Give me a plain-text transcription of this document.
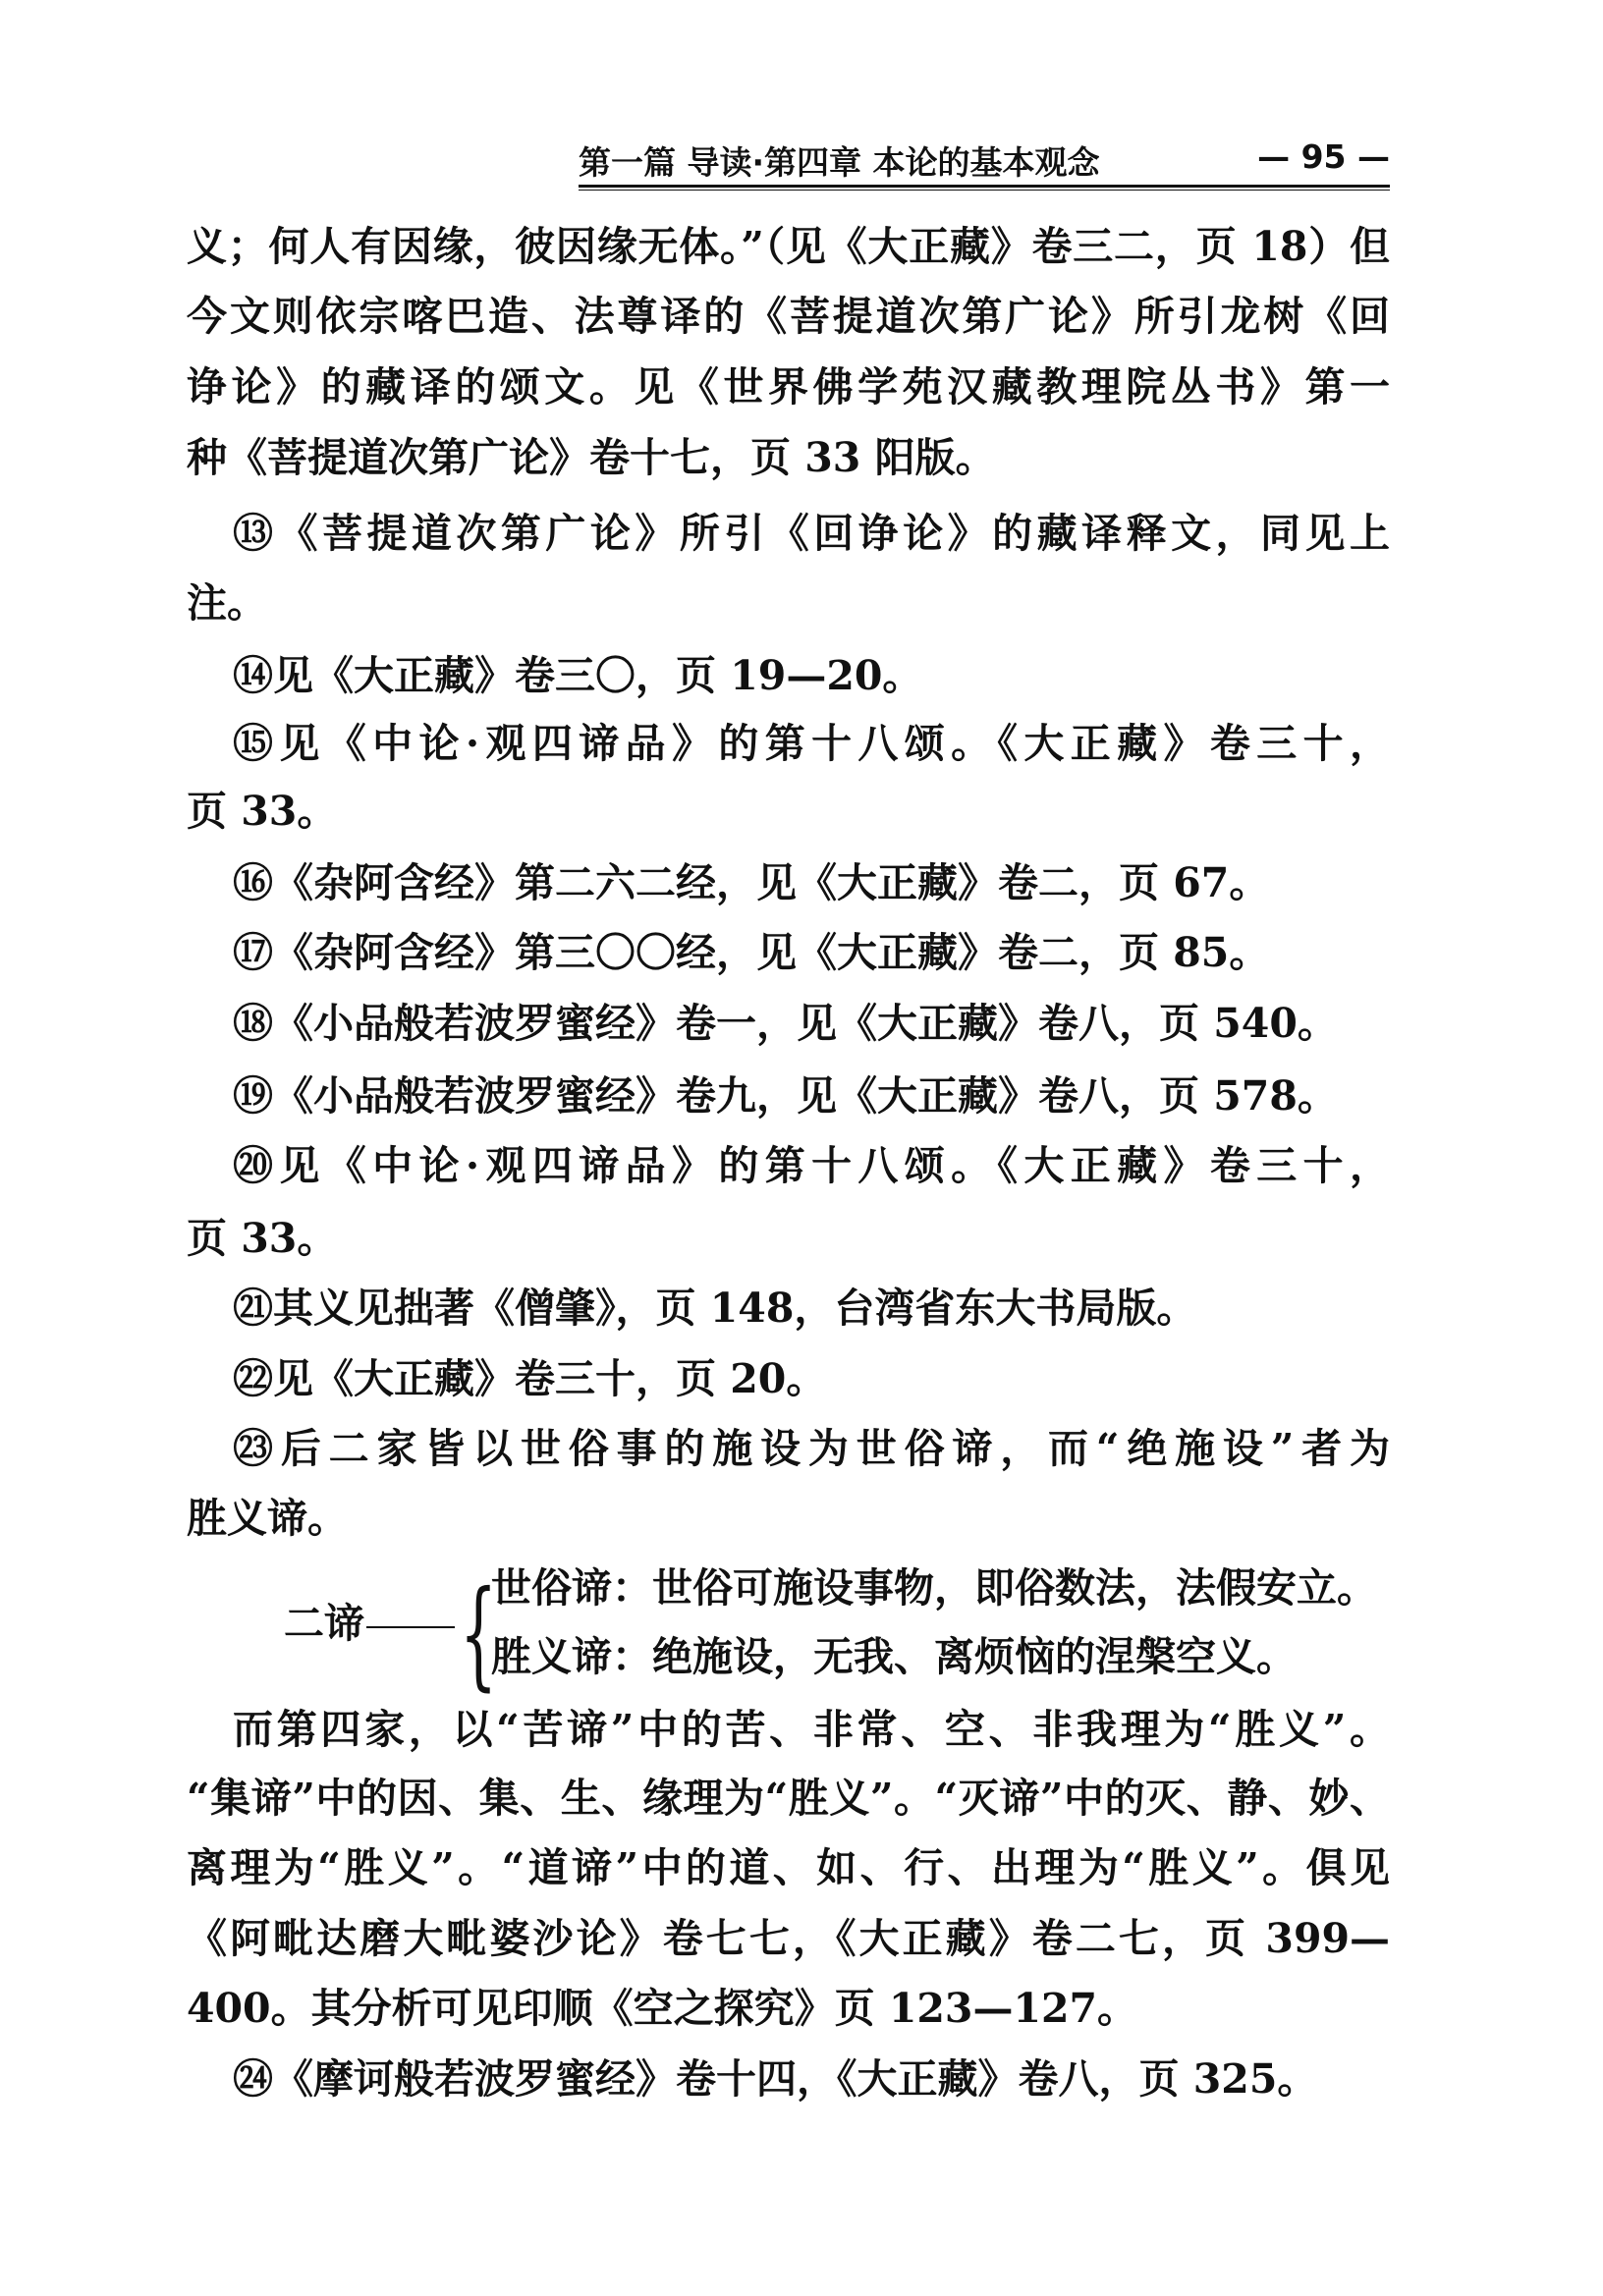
第一篇 导读·第四章 本论的基本观念	— 95 —
义；何人有因缘，彼因缘无体。”（见《大正藏》卷三二，页 18）但
今文则依宗喀巴造、法尊译的《菩提道次第广论》所引龙树《回
诤论》的藏译的颂文。见《世界佛学苑汉藏教理院丛书》第一
种《菩提道次第广论》卷十七，页 33 阳版。
⑬《菩提道次第广论》所引《回诤论》的藏译释文，同见上
注。
⑭见《大正藏》卷三〇，页 19—20。
⑮见《中论·观四谛品》的第十八颂。《大正藏》卷三十，
页 33。
⑯《杂阿含经》第二六二经，见《大正藏》卷二，页 67。
⑰《杂阿含经》第三〇〇经，见《大正藏》卷二，页 85。
⑱《小品般若波罗蜜经》卷一，见《大正藏》卷八，页 540。
⑲《小品般若波罗蜜经》卷九，见《大正藏》卷八，页 578。
⑳见《中论·观四谛品》的第十八颂。《大正藏》卷三十，
页 33。
㉑其义见拙著《僧肇》，页 148，台湾省东大书局版。
㉒见《大正藏》卷三十，页 20。
㉓后二家皆以世俗事的施设为世俗谛，而“绝施设”者为
胜义谛。
二谛 {
世俗谛：世俗可施设事物，即俗数法，法假安立。
胜义谛：绝施设，无我、离烦恼的涅槃空义。
而第四家，以“苦谛”中的苦、非常、空、非我理为“胜义”。
“集谛”中的因、集、生、缘理为“胜义”。“灭谛”中的灭、静、妙、
离理为“胜义”。“道谛”中的道、如、行、出理为“胜义”。俱见
《阿毗达磨大毗婆沙论》卷七七，《大正藏》卷二七，页 399—
400。其分析可见印顺《空之探究》页 123—127。
㉔《摩诃般若波罗蜜经》卷十四，《大正藏》卷八，页 325。
